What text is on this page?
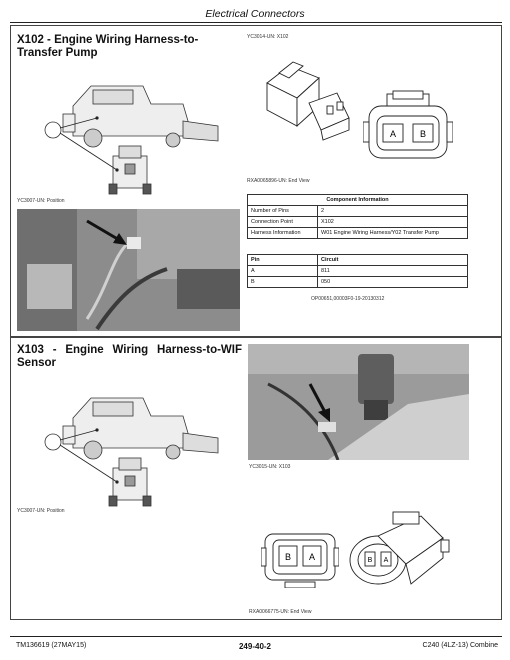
Electrical Connectors
X102 - Engine Wiring Harness-to-Transfer Pump
YC3007-UN: Position
YC3014-UN: X102
A	B
RXA0065896-UN: End View
Component Information	
Number of Pins	2
Connection Point	X102
Harness Information	W01 Engine Wiring Harness/Y02 Transfer Pump
Pin	Circuit
A	811
B	050
OP00651,00003F0-19-20130312
X103 - Engine Wiring Harness-to-WIF Sensor
YC3007-UN: Position
YC3015-UN: X103
B A	B A
RXA0066775-UN: End View
TM136619 (27MAY15)	249-40-2	C240 (4LZ-13) Combine
